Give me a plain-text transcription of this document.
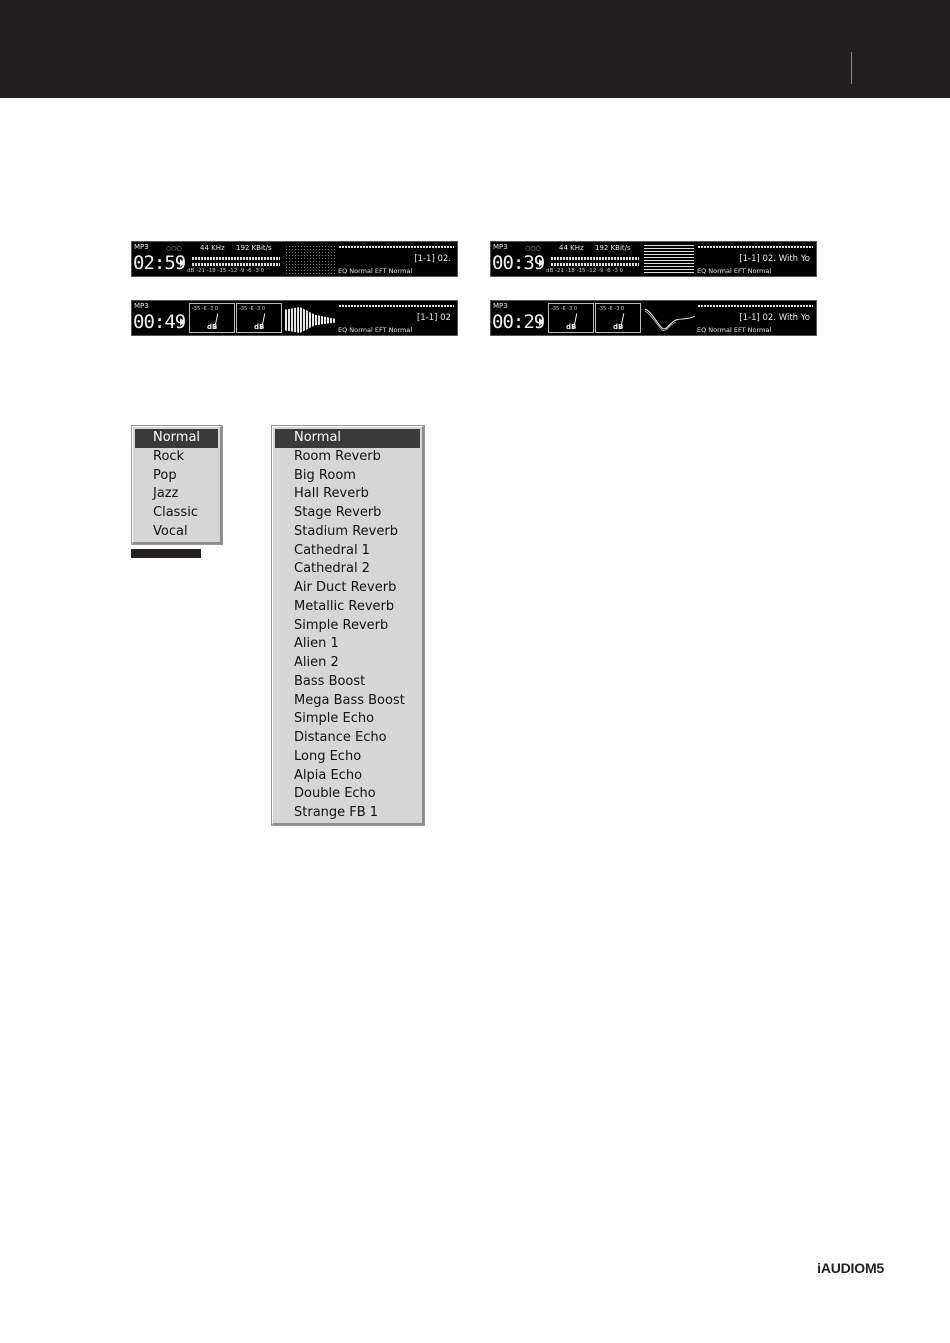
MP3	○○○	44 KHz 192 KBit/s
02:59 dB -21 -18 -15 -12 -9 -6 -3 0
[1-1] 02.
EQ Normal EFT Normal
MP3	○○○	44 KHz 192 KBit/s
00:39 dB -21 -18 -15 -12 -9 -6 -3 0
[1-1] 02. With Yo
EQ Normal EFT Normal
MP3
00:49
-35 -6 -3 0
dB
-35 -6 -3 0
dB
[1-1] 02
EQ Normal EFT Normal
MP3
00:29
-35 -6 -3 0
dB
-35 -6 -3 0
dB
[1-1] 02. With Yo
EQ Normal EFT Normal
Normal
Rock
Pop
Jazz
Classic
Vocal
Normal
Room Reverb
Big Room
Hall Reverb
Stage Reverb
Stadium Reverb
Cathedral 1
Cathedral 2
Air Duct Reverb
Metallic Reverb
Simple Reverb
Alien 1
Alien 2
Bass Boost
Mega Bass Boost
Simple Echo
Distance Echo
Long Echo
Alpia Echo
Double Echo
Strange FB 1
iAUDIOM5
